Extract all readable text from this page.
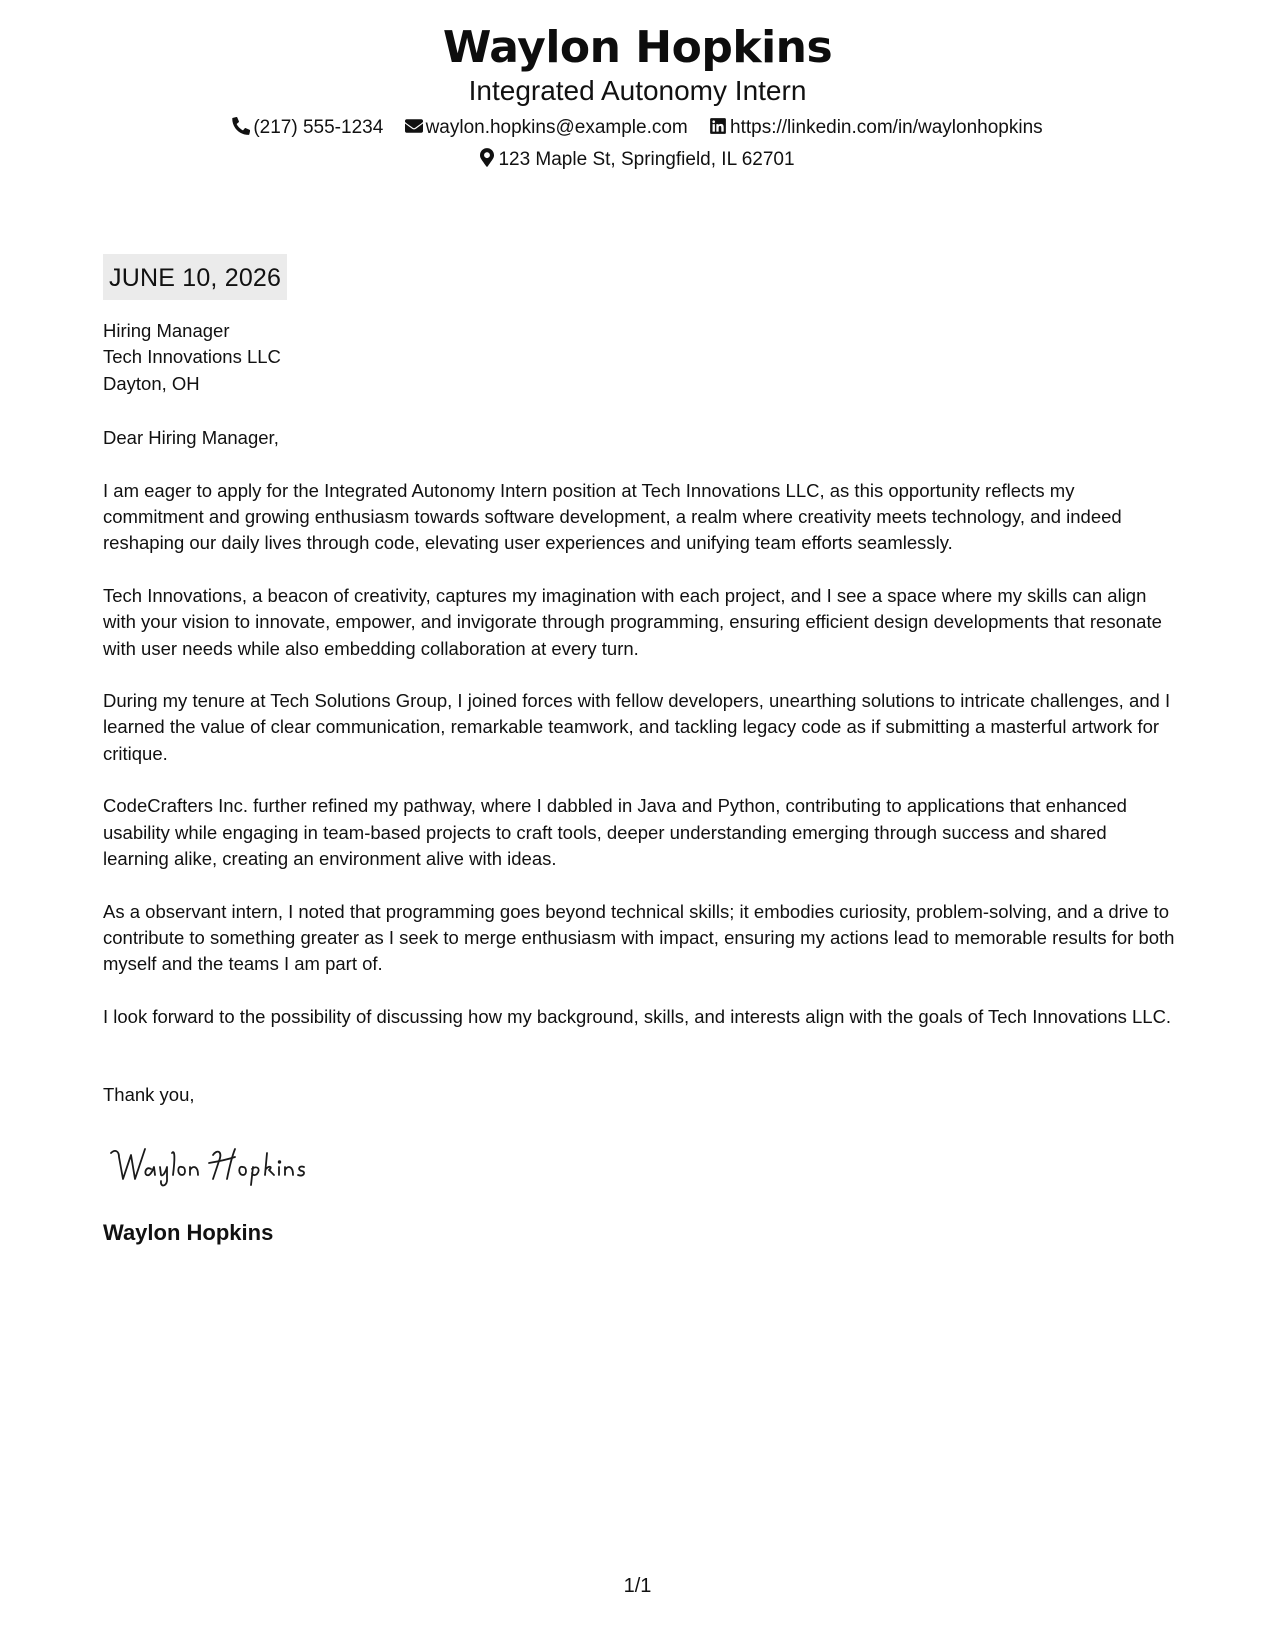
Waylon Hopkins
Integrated Autonomy Intern
(217) 555-1234 waylon.hopkins@example.com https://linkedin.com/in/waylonhopkins
123 Maple St, Springfield, IL 62701
JUNE 10, 2026
Hiring Manager
Tech Innovations LLC
Dayton, OH
Dear Hiring Manager,
I am eager to apply for the Integrated Autonomy Intern position at Tech Innovations LLC, as this opportunity reflects my commitment and growing enthusiasm towards software development, a realm where creativity meets technology, and indeed reshaping our daily lives through code, elevating user experiences and unifying team efforts seamlessly.
Tech Innovations, a beacon of creativity, captures my imagination with each project, and I see a space where my skills can align with your vision to innovate, empower, and invigorate through programming, ensuring efficient design developments that resonate with user needs while also embedding collaboration at every turn.
During my tenure at Tech Solutions Group, I joined forces with fellow developers, unearthing solutions to intricate challenges, and I learned the value of clear communication, remarkable teamwork, and tackling legacy code as if submitting a masterful artwork for critique.
CodeCrafters Inc. further refined my pathway, where I dabbled in Java and Python, contributing to applications that enhanced usability while engaging in team-based projects to craft tools, deeper understanding emerging through success and shared learning alike, creating an environment alive with ideas.
As a observant intern, I noted that programming goes beyond technical skills; it embodies curiosity, problem-solving, and a drive to contribute to something greater as I seek to merge enthusiasm with impact, ensuring my actions lead to memorable results for both myself and the teams I am part of.
I look forward to the possibility of discussing how my background, skills, and interests align with the goals of Tech Innovations LLC.
Thank you,
Waylon Hopkins
1/1
